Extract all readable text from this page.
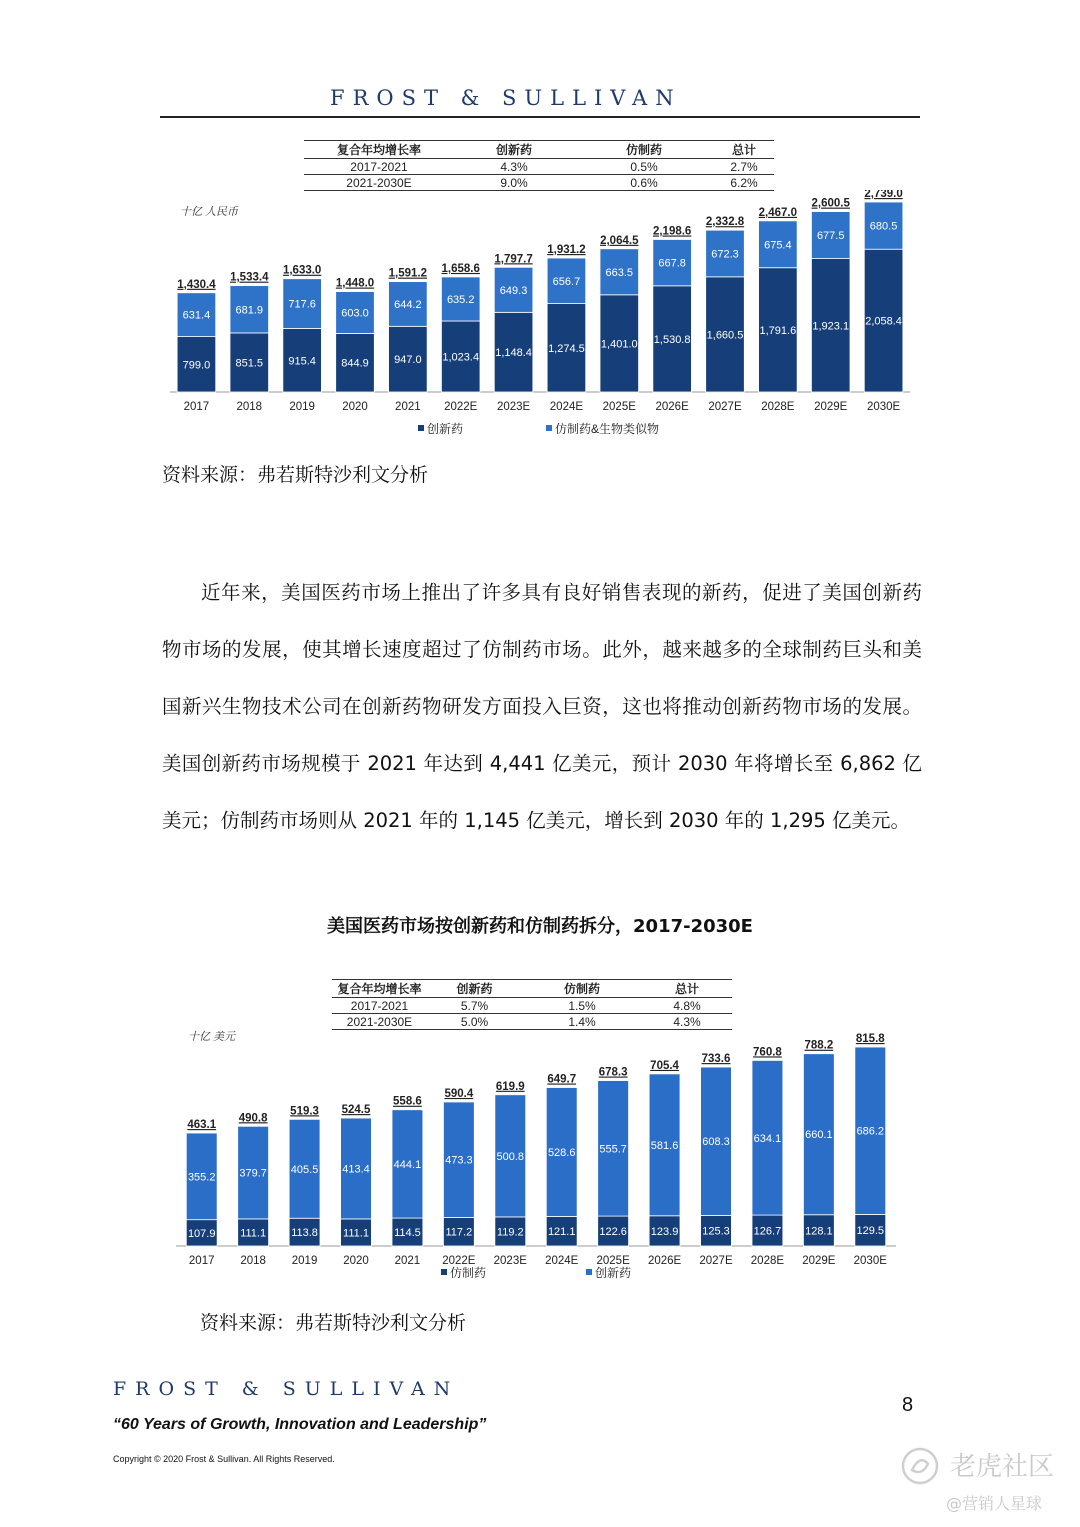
FROST & SULLIVAN
复合年均增长率	创新药	仿制药	总计
2017-2021	4.3%	0.5%	2.7%
2021-2030E	9.0%	0.6%	6.2%
十亿 人民币
799.0
631.4
1,430.4
2017
851.5
681.9
1,533.4
2018
915.4
717.6
1,633.0
2019
844.9
603.0
1,448.0
2020
947.0
644.2
1,591.2
2021
1,023.4
635.2
1,658.6
2022E
1,148.4
649.3
1,797.7
2023E
1,274.5
656.7
1,931.2
2024E
1,401.0
663.5
2,064.5
2025E
1,530.8
667.8
2,198.6
2026E
1,660.5
672.3
2,332.8
2027E
1,791.6
675.4
2,467.0
2028E
1,923.1
677.5
2,600.5
2029E
2,058.4
680.5
2,739.0
2030E
创新药	仿制药&生物类似物
资料来源：弗若斯特沙利文分析
近年来，美国医药市场上推出了许多具有良好销售表现的新药，促进了美国创新药物市场的发展，使其增长速度超过了仿制药市场。此外，越来越多的全球制药巨头和美国新兴生物技术公司在创新药物研发方面投入巨资，这也将推动创新药物市场的发展。美国创新药市场规模于 2021 年达到 4,441 亿美元，预计 2030 年将增长至 6,862 亿美元；仿制药市场则从 2021 年的 1,145 亿美元，增长到 2030 年的 1,295 亿美元。
美国医药市场按创新药和仿制药拆分，2017-2030E
复合年均增长率	创新药	仿制药	总计
2017-2021	5.7%	1.5%	4.8%
2021-2030E	5.0%	1.4%	4.3%
十亿 美元
107.9
355.2
463.1
2017
111.1
379.7
490.8
2018
113.8
405.5
519.3
2019
111.1
413.4
524.5
2020
114.5
444.1
558.6
2021
117.2
473.3
590.4
2022E
119.2
500.8
619.9
2023E
121.1
528.6
649.7
2024E
122.6
555.7
678.3
2025E
123.9
581.6
705.4
2026E
125.3
608.3
733.6
2027E
126.7
634.1
760.8
2028E
128.1
660.1
788.2
2029E
129.5
686.2
815.8
2030E
仿制药	创新药
资料来源：弗若斯特沙利文分析
FROST & SULLIVAN
“60 Years of Growth, Innovation and Leadership”
Copyright © 2020 Frost & Sullivan. All Rights Reserved.
8
老虎社区
@营销人星球
